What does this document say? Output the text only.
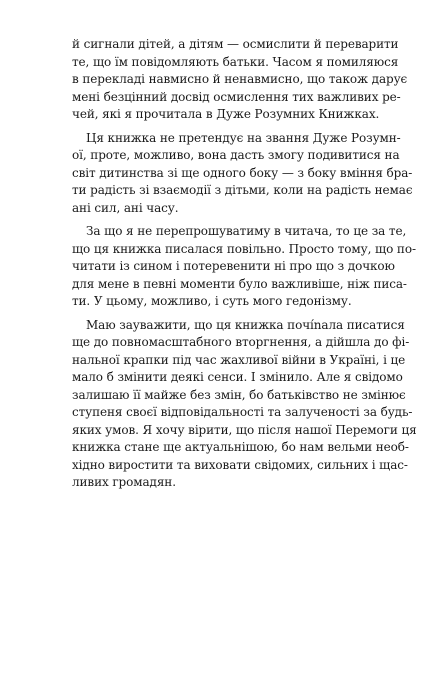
й сигнали дітей, а дітям — осмислити й переварити
те, що їм повідомляють батьки. Часом я помиляюся
в перекладі навмисно й ненавмисно, що також дарує
мені безцінний досвід осмислення тих важливих ре-
чей, які я прочитала в Дуже Розумних Книжках.
Ця книжка не претендує на звання Дуже Розумн-
ої, проте, можливо, вона дасть змогу подивитися на
світ дитинства зі ще одного боку — з боку вміння бра-
ти радість зі взаємодії з дітьми, коли на радість немає
ані сил, ані часу.
За що я не перепрошуватиму в читача, то це за те,
що ця книжка писалася повільно. Просто тому, що по-
читати із сином і потеревенити ні про що з дочкою
для мене в певні моменти було важливіше, ніж писа-
ти. У цьому, можливо, і суть мого гедонізму.
Маю зауважити, що ця книжка почínала писатися
ще до повномасштабного вторгнення, а дійшла до фі-
нальної крапки під час жахливої війни в Україні, і це
мало б змінити деякі сенси. І змінило. Але я свідомо
залишаю її майже без змін, бо батьківство не змінює
ступеня своєї відповідальності та залученості за будь-
яких умов. Я хочу вірити, що після нашої Перемоги ця
книжка стане ще актуальнішою, бо нам вельми необ-
хідно виростити та виховати свідомих, сильних і щас-
ливих громадян.
